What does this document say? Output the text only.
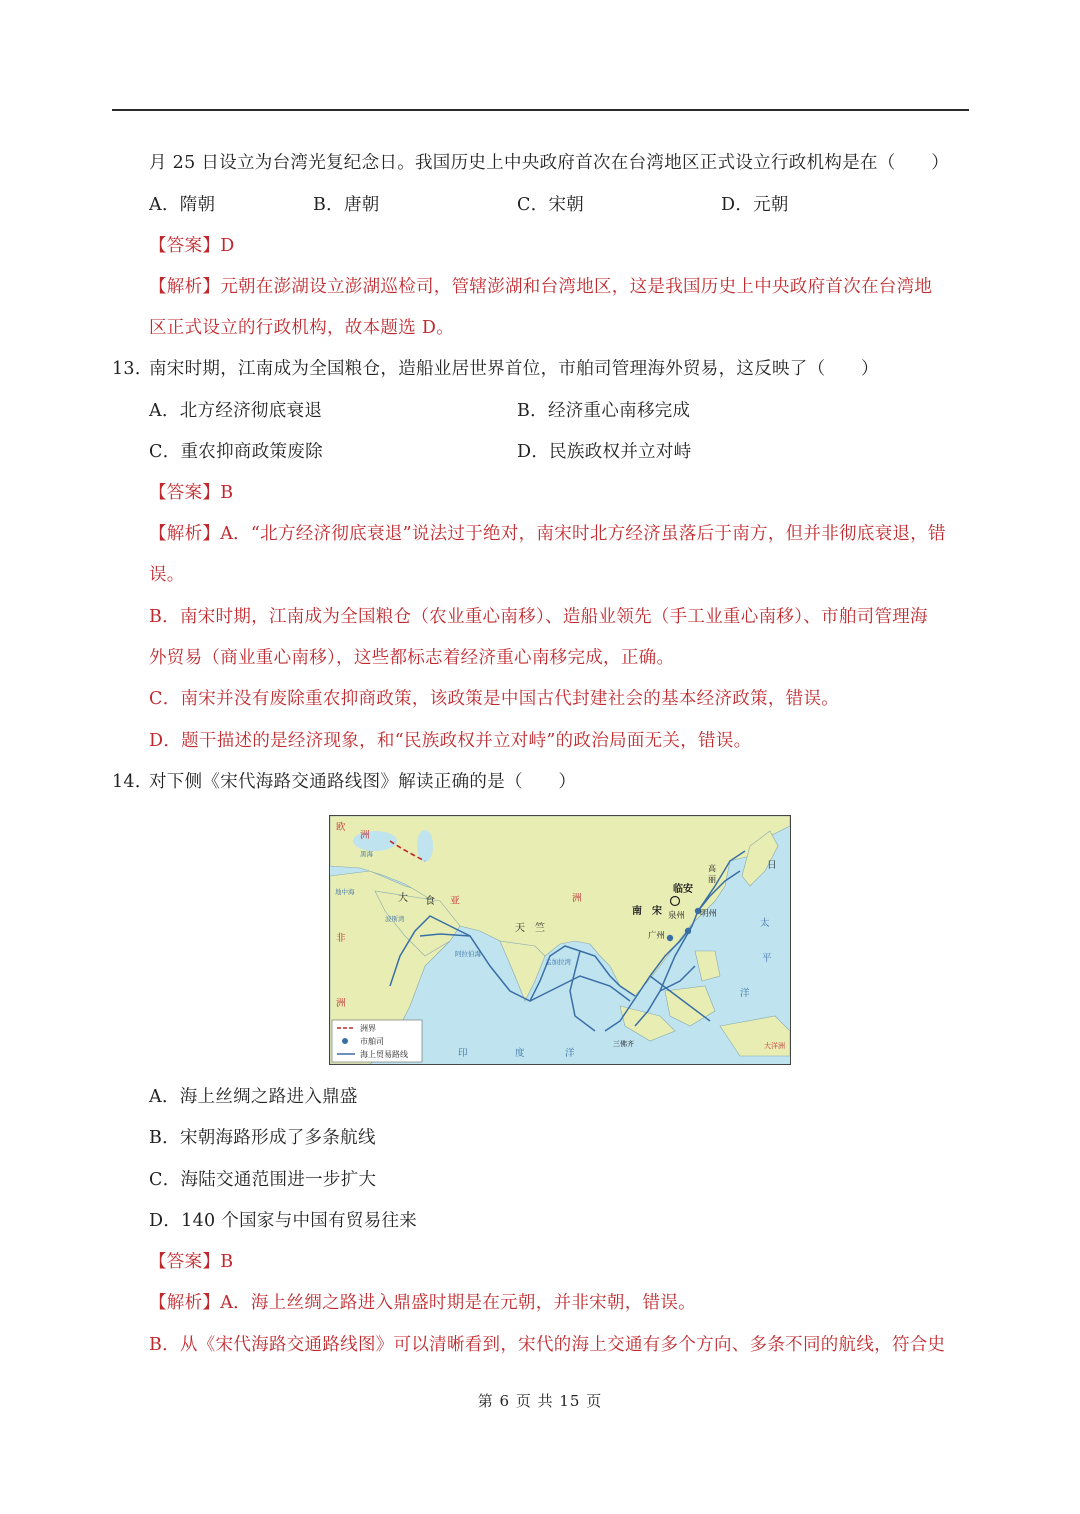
月 25 日设立为台湾光复纪念日。我国历史上中央政府首次在台湾地区正式设立行政机构是在（　　）
A．隋朝	B．唐朝	C．宋朝	D．元朝
【答案】D
【解析】元朝在澎湖设立澎湖巡检司，管辖澎湖和台湾地区，这是我国历史上中央政府首次在台湾地
区正式设立的行政机构，故本题选 D。
13．
南宋时期，江南成为全国粮仓，造船业居世界首位，市舶司管理海外贸易，这反映了（　　）
A．北方经济彻底衰退	B．经济重心南移完成
C．重农抑商政策废除	D．民族政权并立对峙
【答案】B
【解析】A．“北方经济彻底衰退”说法过于绝对，南宋时北方经济虽落后于南方，但并非彻底衰退，错
误。
B．南宋时期，江南成为全国粮仓（农业重心南移）、造船业领先（手工业重心南移）、市舶司管理海
外贸易（商业重心南移），这些都标志着经济重心南移完成，正确。
C．南宋并没有废除重农抑商政策，该政策是中国古代封建社会的基本经济政策，错误。
D．题干描述的是经济现象，和“民族政权并立对峙”的政治局面无关，错误。
14．
对下侧《宋代海路交通路线图》解读正确的是（　　）
欧
洲
非
洲
洲
日
太
平
洋
印	度	洋
大洋洲
大 食 亚
天　竺
南　宋
临安
明州
泉州
广州
三佛齐
高
丽
阿拉伯海
孟加拉湾
波斯湾
地中海
黑海
洲界
市舶司
海上贸易路线
A．海上丝绸之路进入鼎盛
B．宋朝海路形成了多条航线
C．海陆交通范围进一步扩大
D．140 个国家与中国有贸易往来
【答案】B
【解析】A．海上丝绸之路进入鼎盛时期是在元朝，并非宋朝，错误。
B．从《宋代海路交通路线图》可以清晰看到，宋代的海上交通有多个方向、多条不同的航线，符合史
第 6 页 共 15 页
